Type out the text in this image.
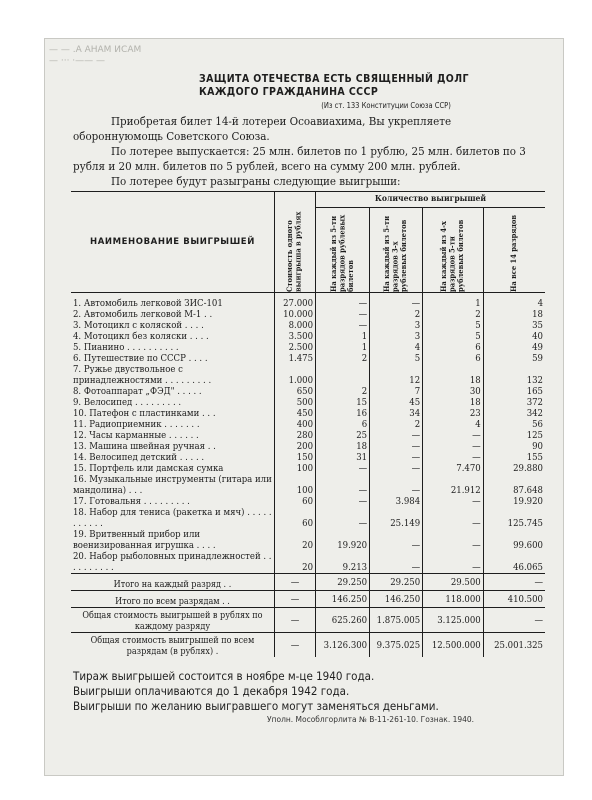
— — .А АНАМ ИСАМ
— ··· ·—— —
ЗАЩИТА ОТЕЧЕСТВА ЕСТЬ СВЯЩЕННЫЙ ДОЛГ
КАЖДОГО ГРАЖДАНИНА СССР
(Из ст. 133 Конституции Союза ССР)
Приобретая билет 14-й лотереи Осоавиахима, Вы укрепляете обороннуюмощь Советского Союза.
По лотерее выпускается: 25 млн. билетов по 1 рублю, 25 млн. билетов по 3 рубля и 20 млн. билетов по 5 рублей, всего на сумму 200 млн. рублей.
По лотерее будут разыграны следующие выигрыши:
НАИМЕНОВАНИЕ ВЫИГРЫШЕЙ	Стоимость одного выигрыша в рублях	Количество выигрышей			

		На каждый из 5-ти разрядов рублевых билетов	На каждый из 5-ти разрядов 3-х рублевых билетов	На каждый из 4-х разрядов 5-ти рублевых билетов	На все 14 разрядов

1. Автомобиль легковой ЗИС-101	27.000	—	—	1	4
2. Автомобиль легковой М-1 . .	10.000	—	2	2	18
3. Мотоцикл с коляской . . . .	8.000	—	3	5	35
4. Мотоцикл без коляски . . . .	3.500	1	3	5	40
5. Пианино . . . . . . . . . .	2.500	1	4	6	49
6. Путешествие по СССР . . . .	1.475	2	5	6	59
7. Ружье двуствольное с принадлежностями . . . . . . . . .	1.000		12	18	132
8. Фотоаппарат „ФЭД" . . . . .	650	2	7	30	165
9. Велосипед . . . . . . . . .	500	15	45	18	372
10. Патефон с пластинками . . .	450	16	34	23	342
11. Радиоприемник . . . . . . .	400	6	2	4	56
12. Часы карманные . . . . . .	280	25	—	—	125
13. Машина швейная ручная . .	200	18	—	—	90
14. Велосипед детский . . . . .	150	31	—	—	155
15. Портфель или дамская сумка	100	—	—	7.470	29.880
16. Музыкальные инструменты (гитара или мандолина) . . .	100	—	—	21.912	87.648
17. Готовальня . . . . . . . . .	60	—	3.984	—	19.920
18. Набор для тениса (ракетка и мяч) . . . . . . . . . . .	60	—	25.149	—	125.745
19. Вритвенный прибор или военизированная игрушка . . . .	20	19.920	—	—	99.600
20. Набор рыболовных принадлежностей . . . . . . . . . .	20	9.213	—	—	46.065
Итого на каждый разряд . .	—	29.250	29.250	29.500	—
Итого по всем разрядам . .	—	146.250	146.250	118.000	410.500
Общая стоимость выигрышей в рублях по каждому разряду	—	625.260	1.875.005	3.125.000	—
Общая стоимость выигрышей по всем разрядам (в рублях) .	—	3.126.300	9.375.025	12.500.000	25.001.325
Тираж выигрышей состоится в ноябре м-це 1940 года.
Выигрыши оплачиваются до 1 декабря 1942 года.
Выигрыши по желанию выигравшего могут заменяться деньгами.
Уполн. Мособлгорлита № В-11-261-10. Гознак. 1940.
